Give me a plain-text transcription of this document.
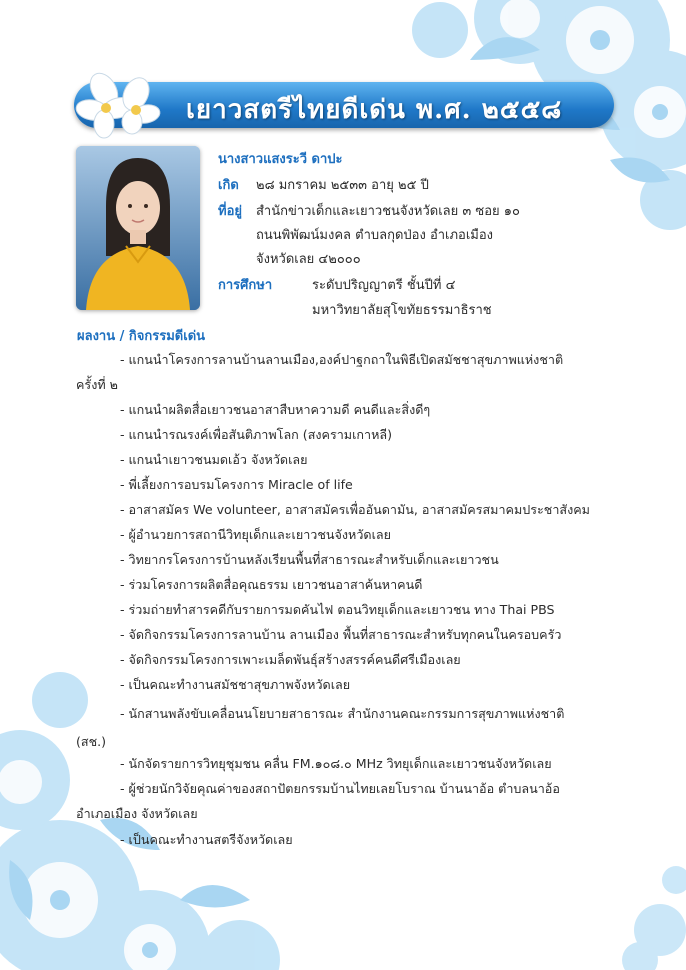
เยาวสตรีไทยดีเด่น พ.ศ. ๒๕๕๘
นางสาวแสงระวี ดาปะ
เกิด ๒๘ มกราคม ๒๕๓๓ อายุ ๒๕ ปี
ที่อยู่ สำนักข่าวเด็กและเยาวชนจังหวัดเลย ๓ ซอย ๑๐
ถนนพิพัฒน์มงคล ตำบลกุดป่อง อำเภอเมือง
จังหวัดเลย ๔๒๐๐๐
การศึกษา	ระดับปริญญาตรี ชั้นปีที่ ๔
มหาวิทยาลัยสุโขทัยธรรมาธิราช
ผลงาน / กิจกรรมดีเด่น
- แกนนำโครงการลานบ้านลานเมือง,องค์ปาฐกถาในพิธีเปิดสมัชชาสุขภาพแห่งชาติ
ครั้งที่ ๒
- แกนนำผลิตสื่อเยาวชนอาสาสืบหาความดี คนดีและสิ่งดีๆ
- แกนนำรณรงค์เพื่อสันติภาพโลก (สงครามเกาหลี)
- แกนนำเยาวชนมดเอ้ว จังหวัดเลย
- พี่เลี้ยงการอบรมโครงการ Miracle of life
- อาสาสมัคร We volunteer, อาสาสมัครเพื่ออันดามัน, อาสาสมัครสมาคมประชาสังคม
- ผู้อำนวยการสถานีวิทยุเด็กและเยาวชนจังหวัดเลย
- วิทยากรโครงการบ้านหลังเรียนพื้นที่สาธารณะสำหรับเด็กและเยาวชน
- ร่วมโครงการผลิตสื่อคุณธรรม เยาวชนอาสาค้นหาคนดี
- ร่วมถ่ายทำสารคดีกับรายการมดคันไฟ ตอนวิทยุเด็กและเยาวชน ทาง Thai PBS
- จัดกิจกรรมโครงการลานบ้าน ลานเมือง พื้นที่สาธารณะสำหรับทุกคนในครอบครัว
- จัดกิจกรรมโครงการเพาะเมล็ดพันธุ์สร้างสรรค์คนดีศรีเมืองเลย
- เป็นคณะทำงานสมัชชาสุขภาพจังหวัดเลย
- นักสานพลังขับเคลื่อนนโยบายสาธารณะ สำนักงานคณะกรรมการสุขภาพแห่งชาติ
(สช.)
- นักจัดรายการวิทยุชุมชน คลื่น FM.๑๐๘.๐ MHz วิทยุเด็กและเยาวชนจังหวัดเลย
- ผู้ช่วยนักวิจัยคุณค่าของสถาปัตยกรรมบ้านไทยเลยโบราณ บ้านนาอ้อ ตำบลนาอ้อ
อำเภอเมือง จังหวัดเลย
- เป็นคณะทำงานสตรีจังหวัดเลย
